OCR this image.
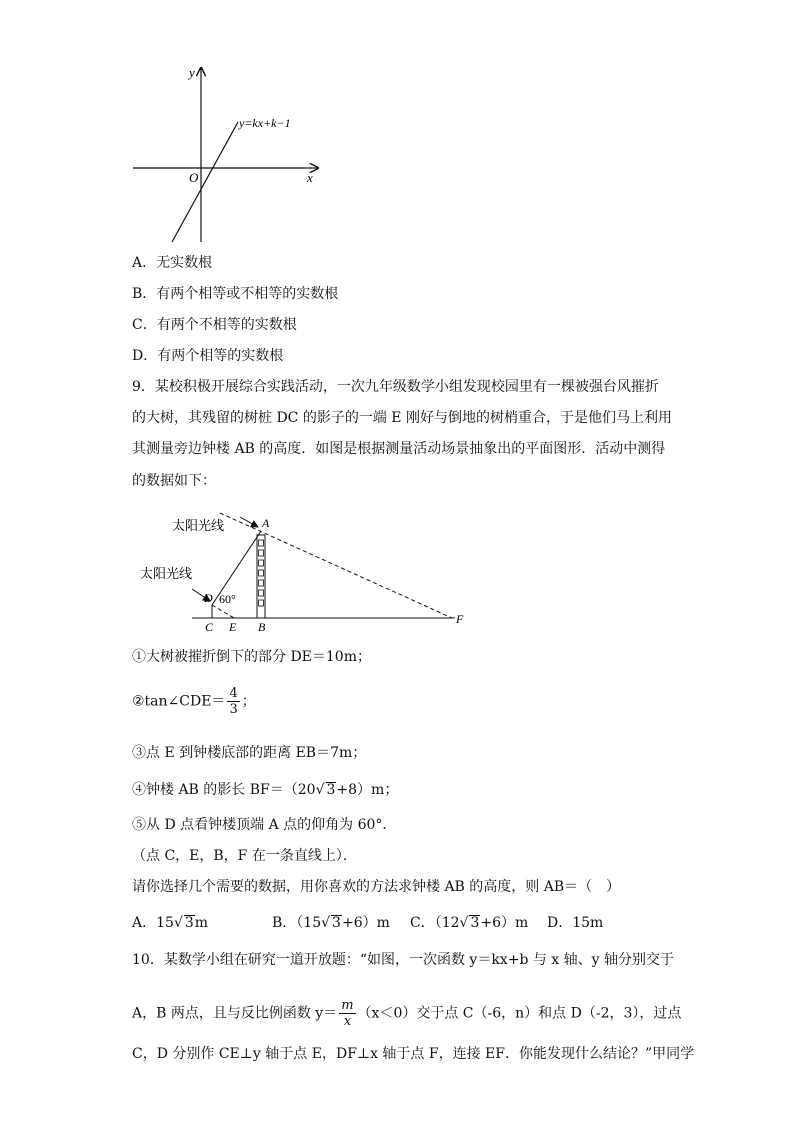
y
x
O
y=kx+k−1
A．无实数根
B．有两个相等或不相等的实数根
C．有两个不相等的实数根
D．有两个相等的实数根
9．某校积极开展综合实践活动，一次九年级数学小组发现校园里有一棵被强台风摧折
的大树，其残留的树桩 DC 的影子的一端 E 刚好与倒地的树梢重合，于是他们马上利用
其测量旁边钟楼 AB 的高度．如图是根据测量活动场景抽象出的平面图形．活动中测得
的数据如下：
太阳光线
太阳光线
A
D 60°
C E B
F
①大树被摧折倒下的部分 DE＝10m；
②tan∠CDE＝ $\frac{4}{3}$ ；
③点 E 到钟楼底部的距离 EB＝7m；
④钟楼 AB 的影长 BF＝（20√ 3+8）m；
⑤从 D 点看钟楼顶端 A 点的仰角为 60°．
（点 C，E，B，F 在一条直线上）．
请你选择几个需要的数据，用你喜欢的方法求钟楼 AB 的高度，则 AB＝（　）
A．15√ 3m	B．（15√ 3+6）m C．（12√ 3+6）m D．15m
10．某数学小组在研究一道开放题：“如图，一次函数 y＝kx+b 与 x 轴、y 轴分别交于
A，B 两点，且与反比例函数 $y= \frac{m}{x} (x<0)$交于点 C（-6，n）和点 D（-2，3），过点
C，D 分别作 CE⊥y 轴于点 E，DF⊥x 轴于点 F，连接 EF．你能发现什么结论？”甲同学
